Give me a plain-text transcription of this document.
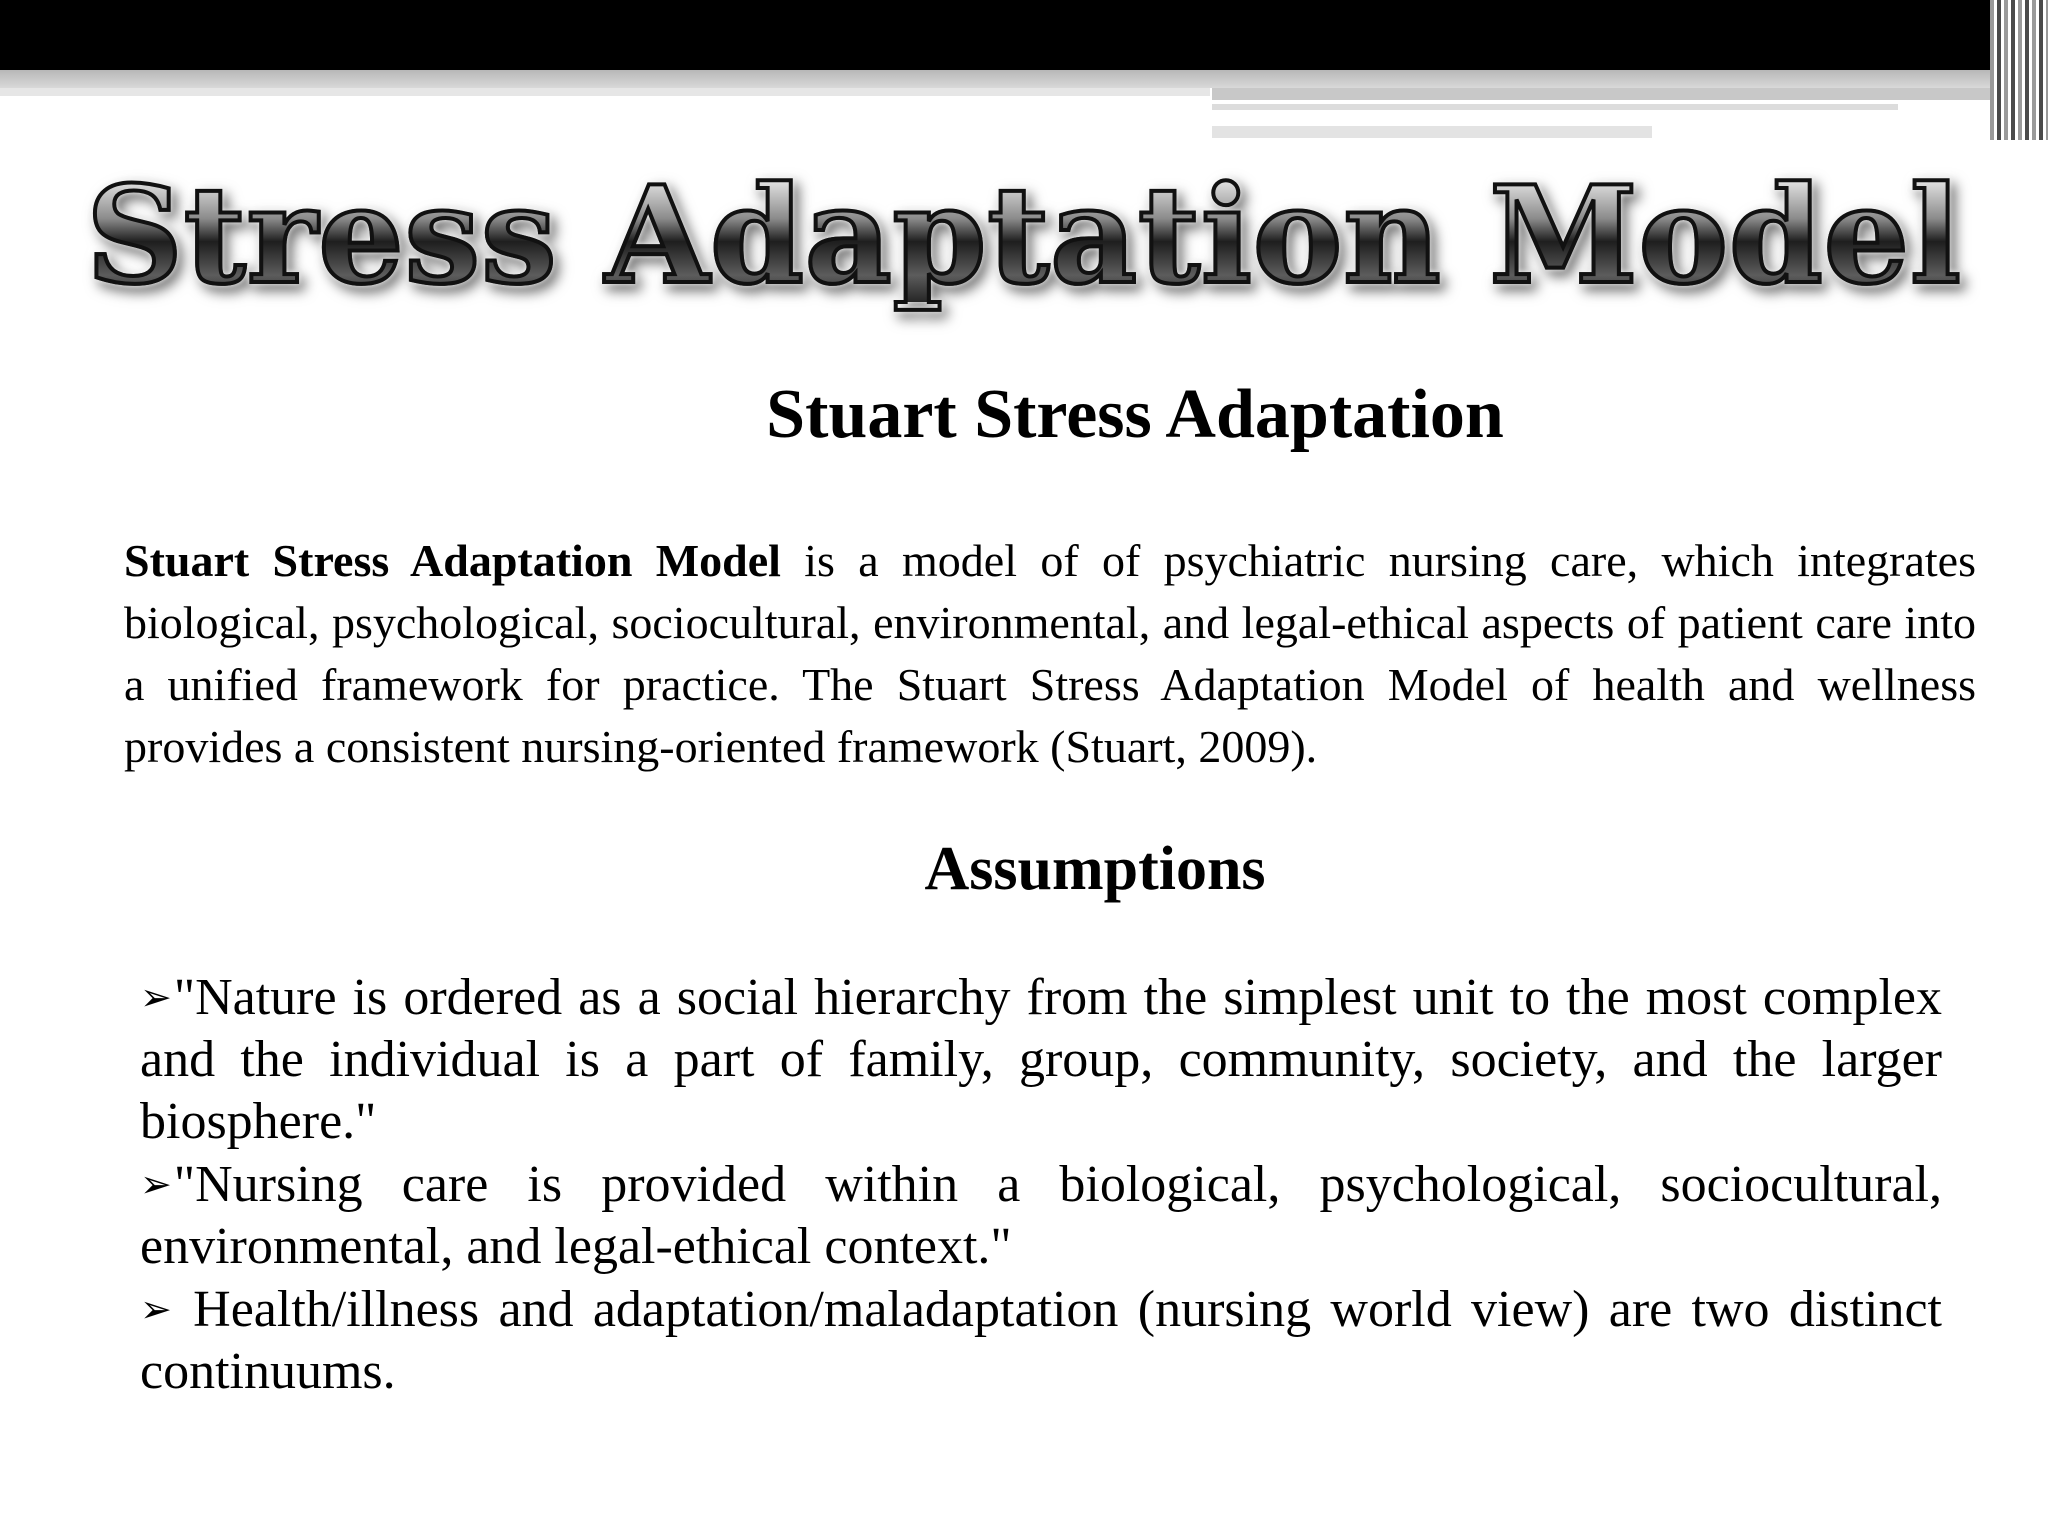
Stress Adaptation Model
Stuart Stress Adaptation

Stuart Stress Adaptation Model is a model of of psychiatric nursing care, which integrates biological, psychological, sociocultural, environmental, and legal-ethical aspects of patient care into a unified framework for practice. The Stuart Stress Adaptation Model of health and wellness provides a consistent nursing-oriented framework (Stuart, 2009).

Assumptions
➢"Nature is ordered as a social hierarchy from the simplest unit to the most complex and the individual is a part of family, group, community, society, and the larger biosphere."
➢"Nursing care is provided within a biological, psychological, sociocultural, environmental, and legal-ethical context."
➢ Health/illness and adaptation/maladaptation (nursing world view) are two distinct continuums.
